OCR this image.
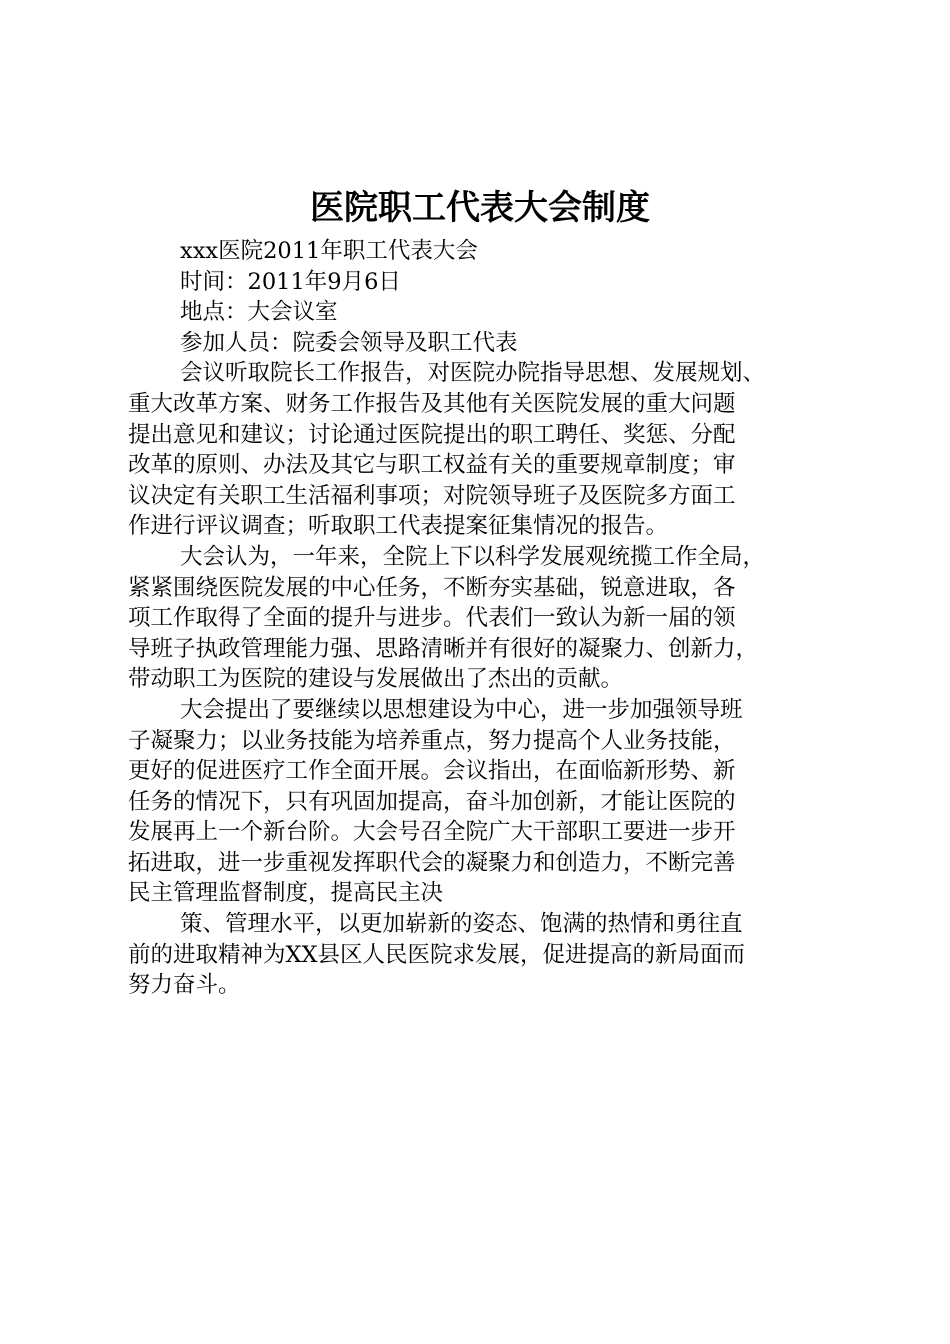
医院职工代表大会制度
xxx医院2011年职工代表大会
时间：2011年9月6日
地点：大会议室
参加人员：院委会领导及职工代表
会议听取院长工作报告，对医院办院指导思想、发展规划、
重大改革方案、财务工作报告及其他有关医院发展的重大问题
提出意见和建议；讨论通过医院提出的职工聘任、奖惩、分配
改革的原则、办法及其它与职工权益有关的重要规章制度；审
议决定有关职工生活福利事项；对院领导班子及医院多方面工
作进行评议调查；听取职工代表提案征集情况的报告。
大会认为，一年来，全院上下以科学发展观统揽工作全局，
紧紧围绕医院发展的中心任务，不断夯实基础，锐意进取，各
项工作取得了全面的提升与进步。代表们一致认为新一届的领
导班子执政管理能力强、思路清晰并有很好的凝聚力、创新力，
带动职工为医院的建设与发展做出了杰出的贡献。
大会提出了要继续以思想建设为中心，进一步加强领导班
子凝聚力；以业务技能为培养重点，努力提高个人业务技能，
更好的促进医疗工作全面开展。会议指出，在面临新形势、新
任务的情况下，只有巩固加提高，奋斗加创新，才能让医院的
发展再上一个新台阶。大会号召全院广大干部职工要进一步开
拓进取，进一步重视发挥职代会的凝聚力和创造力，不断完善
民主管理监督制度，提高民主决
策、管理水平，以更加崭新的姿态、饱满的热情和勇往直
前的进取精神为XX县区人民医院求发展，促进提高的新局面而
努力奋斗。
